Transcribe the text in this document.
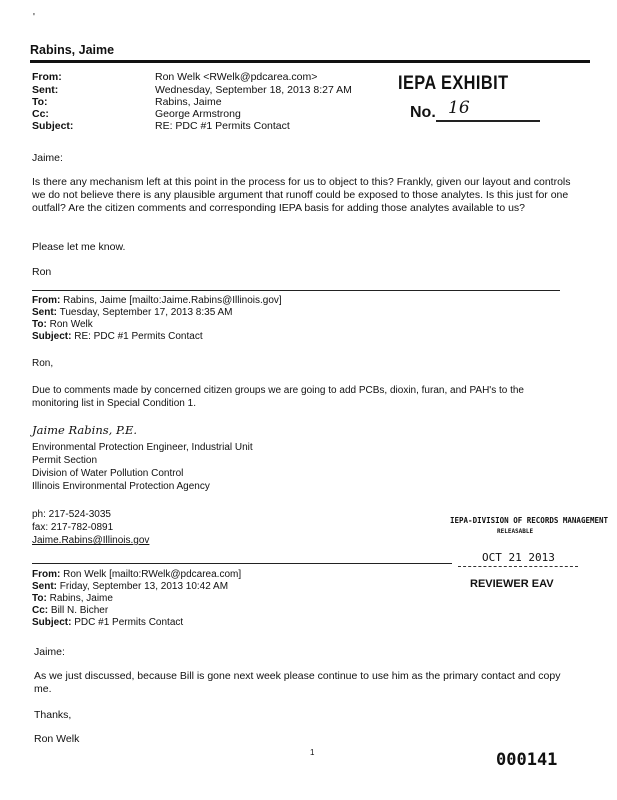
'
Rabins, Jaime
From:
Sent:
To:
Cc:
Subject:
Ron Welk <RWelk@pdcarea.com>
Wednesday, September 18, 2013 8:27 AM
Rabins, Jaime
George Armstrong
RE: PDC #1 Permits Contact
IEPA EXHIBIT
No. 16
Jaime:
Is there any mechanism left at this point in the process for us to object to this? Frankly, given our layout and controls we do not believe there is any plausible argument that runoff could be exposed to those analytes. Is this just for one outfall? Are the citizen comments and corresponding IEPA basis for adding those analytes available to us?
Please let me know.
Ron
From: Rabins, Jaime [mailto:Jaime.Rabins@Illinois.gov]
Sent: Tuesday, September 17, 2013 8:35 AM
To: Ron Welk
Subject: RE: PDC #1 Permits Contact
Ron,
Due to comments made by concerned citizen groups we are going to add PCBs, dioxin, furan, and PAH's to the monitoring list in Special Condition 1.
Jaime Rabins, P.E.
Environmental Protection Engineer, Industrial Unit
Permit Section
Division of Water Pollution Control
Illinois Environmental Protection Agency
ph: 217-524-3035
fax: 217-782-0891
Jaime.Rabins@Illinois.gov
IEPA-DIVISION OF RECORDS MANAGEMENT
RELEASABLE
OCT 21 2013
REVIEWER EAV
From: Ron Welk [mailto:RWelk@pdcarea.com]
Sent: Friday, September 13, 2013 10:42 AM
To: Rabins, Jaime
Cc: Bill N. Bicher
Subject: PDC #1 Permits Contact
Jaime:
As we just discussed, because Bill is gone next week please continue to use him as the primary contact and copy me.
Thanks,
Ron Welk
1	000141
